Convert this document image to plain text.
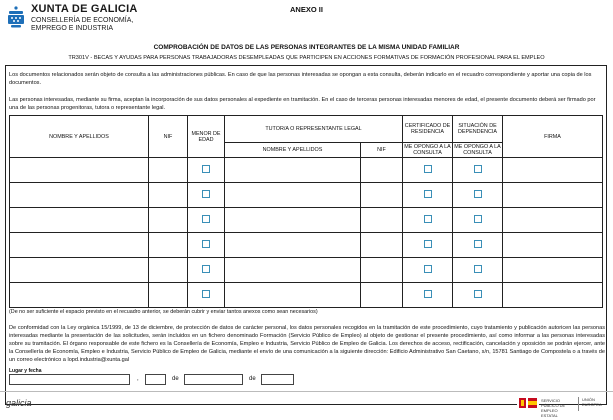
XUNTA DE GALICIA
CONSELLERÍA DE ECONOMÍA,
EMPREGO E INDUSTRIA
ANEXO II
COMPROBACIÓN DE DATOS DE LAS PERSONAS INTEGRANTES DE LA MISMA UNIDAD FAMILIAR
TR301V - BECAS Y AYUDAS PARA PERSONAS TRABAJADORAS DESEMPLEADAS QUE PARTICIPEN EN ACCIONES FORMATIVAS DE FORMACIÓN PROFESIONAL PARA EL EMPLEO
Los documentos relacionados serán objeto de consulta a las administraciones públicas. En caso de que las personas interesadas se opongan a esta consulta, deberán indicarlo en el recuadro correspondiente y aportar una copia de los documentos.
Las personas interesadas, mediante su firma, aceptan la incorporación de sus datos personales al expediente en tramitación. En el caso de terceras personas interesadas menores de edad, el presente documento deberá ser firmado por una de las personas progenitoras, tutora o representante legal.
NOMBRE Y APELLIDOS	NIF	MENOR DE EDAD	TUTOR/A O REPRESENTANTE LEGAL		CERTIFICADO DE RESIDENCIA	SITUACIÓN DE DEPENDENCIA	FIRMA

			NOMBRE Y APELLIDOS	NIF	ME OPONGO A LA CONSULTA	ME OPONGO A LA CONSULTA	

(De no ser suficiente el espacio previsto en el recuadro anterior, se deberán cubrir y enviar tantos anexos como sean necesarios)
De conformidad con la Ley orgánica 15/1999, de 13 de diciembre, de protección de datos de carácter personal, los datos personales recogidos en la tramitación de este procedimiento, cuyo tratamiento y publicación autoricen las personas interesadas mediante la presentación de las solicitudes, serán incluidos en un fichero denominado Formación (Servicio Público de Empleo) al objeto de gestionar el presente procedimiento, así como informar a las personas interesadas sobre su tramitación. El órgano responsable de este fichero es la Consellería de Economía, Empleo e Industria, Servicio Público de Empleo de Galicia. Los derechos de acceso, rectificación, cancelación y oposición se podrán ejercer, ante la Consellería de Economía, Empleo e Industria, Servicio Público de Empleo de Galicia, mediante el envío de una comunicación a la siguiente dirección: Edificio Administrativo San Caetano, s/n, 15781 Santiago de Compostela o a través de un correo electrónico a lopd.industria@xunta.gal
Lugar y fecha
,	de	de
galicia	SERVICIO PÚBLICO DE EMPLEO ESTATAL
UNIÓN EUROPEA
